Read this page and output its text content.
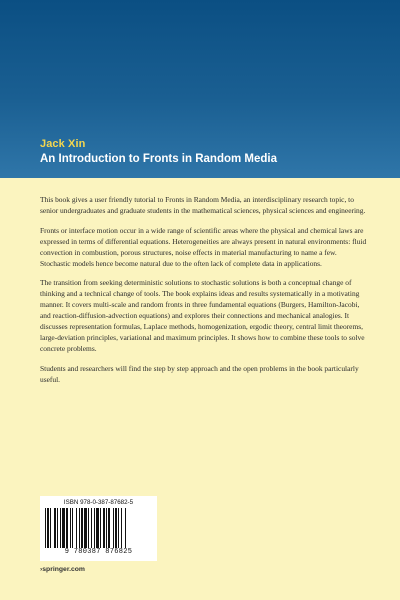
Jack Xin

An Introduction to Fronts in Random Media

This book gives a user friendly tutorial to Fronts in Random Media, an interdisciplinary research topic, to senior undergraduates and graduate students in the mathematical sciences, physical sciences and engineering.

Fronts or interface motion occur in a wide range of scientific areas where the physical and chemical laws are expressed in terms of differential equations. Heterogeneities are always present in natural environments: fluid convection in combustion, porous structures, noise effects in material manufacturing to name a few. Stochastic models hence become natural due to the often lack of complete data in applications.

The transition from seeking deterministic solutions to stochastic solutions is both a conceptual change of thinking and a technical change of tools. The book explains ideas and results systematically in a motivating manner. It covers multi-scale and random fronts in three fundamental equations (Burgers, Hamilton-Jacobi, and reaction-diffusion-advection equations) and explores their connections and mechanical analogies. It discusses representation formulas, Laplace methods, homogenization, ergodic theory, central limit theorems, large-deviation principles, variational and maximum principles. It shows how to combine these tools to solve concrete problems.

Students and researchers will find the step by step approach and the open problems in the book particularly useful.

ISBN 978-0-387-87682-5
9 780387 876825

›springer.com
